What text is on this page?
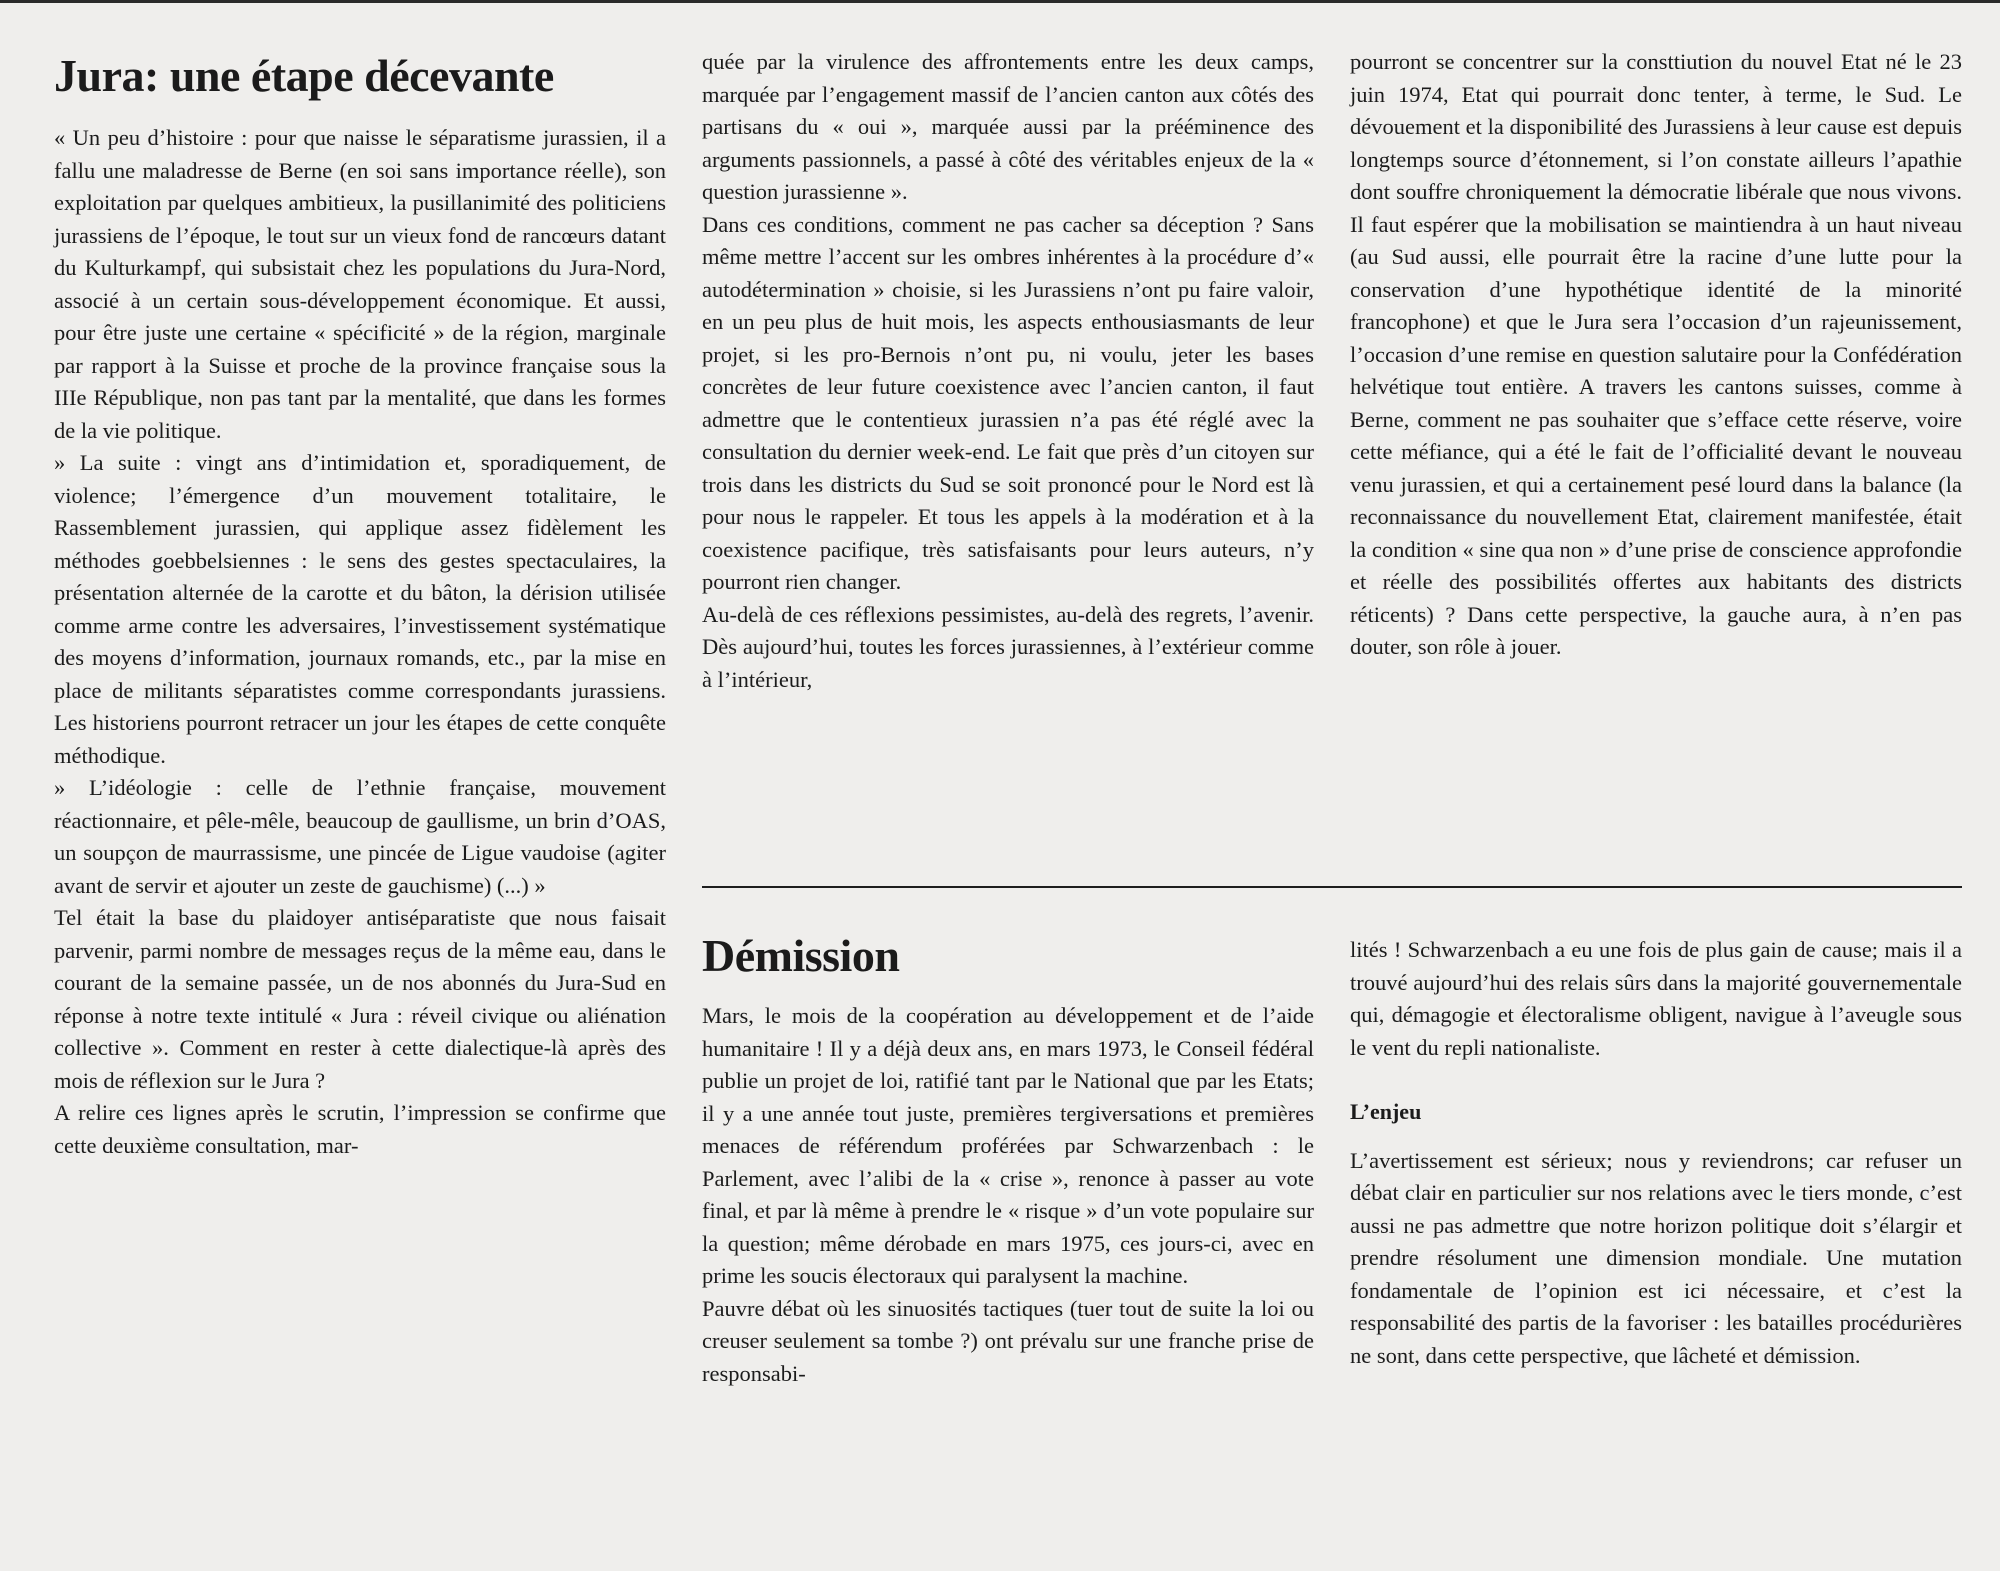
Jura: une étape décevante

« Un peu d’histoire : pour que naisse le séparatisme jurassien, il a fallu une maladresse de Berne (en soi sans importance réelle), son exploitation par quelques ambitieux, la pusillanimité des politiciens jurassiens de l’époque, le tout sur un vieux fond de rancœurs datant du Kulturkampf, qui subsistait chez les populations du Jura-Nord, associé à un certain sous-développement économique. Et aussi, pour être juste une certaine « spécificité » de la région, marginale par rapport à la Suisse et proche de la province française sous la IIIe République, non pas tant par la mentalité, que dans les formes de la vie politique.

» La suite : vingt ans d’intimidation et, sporadiquement, de violence; l’émergence d’un mouvement totalitaire, le Rassemblement jurassien, qui applique assez fidèlement les méthodes goebbelsiennes : le sens des gestes spectaculaires, la présentation alternée de la carotte et du bâton, la dérision utilisée comme arme contre les adversaires, l’investissement systématique des moyens d’information, journaux romands, etc., par la mise en place de militants séparatistes comme correspondants jurassiens. Les historiens pourront retracer un jour les étapes de cette conquête méthodique.

» L’idéologie : celle de l’ethnie française, mouvement réactionnaire, et pêle-mêle, beaucoup de gaullisme, un brin d’OAS, un soupçon de maurrassisme, une pincée de Ligue vaudoise (agiter avant de servir et ajouter un zeste de gauchisme) (...) »

Tel était la base du plaidoyer antiséparatiste que nous faisait parvenir, parmi nombre de messages reçus de la même eau, dans le courant de la semaine passée, un de nos abonnés du Jura-Sud en réponse à notre texte intitulé « Jura : réveil civique ou aliénation collective ». Comment en rester à cette dialectique-là après des mois de réflexion sur le Jura ?

A relire ces lignes après le scrutin, l’impression se confirme que cette deuxième consultation, mar-

quée par la virulence des affrontements entre les deux camps, marquée par l’engagement massif de l’ancien canton aux côtés des partisans du « oui », marquée aussi par la prééminence des arguments passionnels, a passé à côté des véritables enjeux de la « question jurassienne ».

Dans ces conditions, comment ne pas cacher sa déception ? Sans même mettre l’accent sur les ombres inhérentes à la procédure d’« autodétermination » choisie, si les Jurassiens n’ont pu faire valoir, en un peu plus de huit mois, les aspects enthousiasmants de leur projet, si les pro-Bernois n’ont pu, ni voulu, jeter les bases concrètes de leur future coexistence avec l’ancien canton, il faut admettre que le contentieux jurassien n’a pas été réglé avec la consultation du dernier week-end. Le fait que près d’un citoyen sur trois dans les districts du Sud se soit prononcé pour le Nord est là pour nous le rappeler. Et tous les appels à la modération et à la coexistence pacifique, très satisfaisants pour leurs auteurs, n’y pourront rien changer.

Au-delà de ces réflexions pessimistes, au-delà des regrets, l’avenir. Dès aujourd’hui, toutes les forces jurassiennes, à l’extérieur comme à l’intérieur,

pourront se concentrer sur la consttiution du nouvel Etat né le 23 juin 1974, Etat qui pourrait donc tenter, à terme, le Sud. Le dévouement et la disponibilité des Jurassiens à leur cause est depuis longtemps source d’étonnement, si l’on constate ailleurs l’apathie dont souffre chroniquement la démocratie libérale que nous vivons. Il faut espérer que la mobilisation se maintiendra à un haut niveau (au Sud aussi, elle pourrait être la racine d’une lutte pour la conservation d’une hypothétique identité de la minorité francophone) et que le Jura sera l’occasion d’un rajeunissement, l’occasion d’une remise en question salutaire pour la Confédération helvétique tout entière. A travers les cantons suisses, comme à Berne, comment ne pas souhaiter que s’efface cette réserve, voire cette méfiance, qui a été le fait de l’officialité devant le nouveau venu jurassien, et qui a certainement pesé lourd dans la balance (la reconnaissance du nouvellement Etat, clairement manifestée, était la condition « sine qua non » d’une prise de conscience approfondie et réelle des possibilités offertes aux habitants des districts réticents) ? Dans cette perspective, la gauche aura, à n’en pas douter, son rôle à jouer.

Démission

Mars, le mois de la coopération au développement et de l’aide humanitaire ! Il y a déjà deux ans, en mars 1973, le Conseil fédéral publie un projet de loi, ratifié tant par le National que par les Etats; il y a une année tout juste, premières tergiversations et premières menaces de référendum proférées par Schwarzenbach : le Parlement, avec l’alibi de la « crise », renonce à passer au vote final, et par là même à prendre le « risque » d’un vote populaire sur la question; même dérobade en mars 1975, ces jours-ci, avec en prime les soucis électoraux qui paralysent la machine.

Pauvre débat où les sinuosités tactiques (tuer tout de suite la loi ou creuser seulement sa tombe ?) ont prévalu sur une franche prise de responsabi-

lités ! Schwarzenbach a eu une fois de plus gain de cause; mais il a trouvé aujourd’hui des relais sûrs dans la majorité gouvernementale qui, démagogie et électoralisme obligent, navigue à l’aveugle sous le vent du repli nationaliste.

L’enjeu

L’avertissement est sérieux; nous y reviendrons; car refuser un débat clair en particulier sur nos relations avec le tiers monde, c’est aussi ne pas admettre que notre horizon politique doit s’élargir et prendre résolument une dimension mondiale. Une mutation fondamentale de l’opinion est ici nécessaire, et c’est la responsabilité des partis de la favoriser : les batailles procédurières ne sont, dans cette perspective, que lâcheté et démission.
